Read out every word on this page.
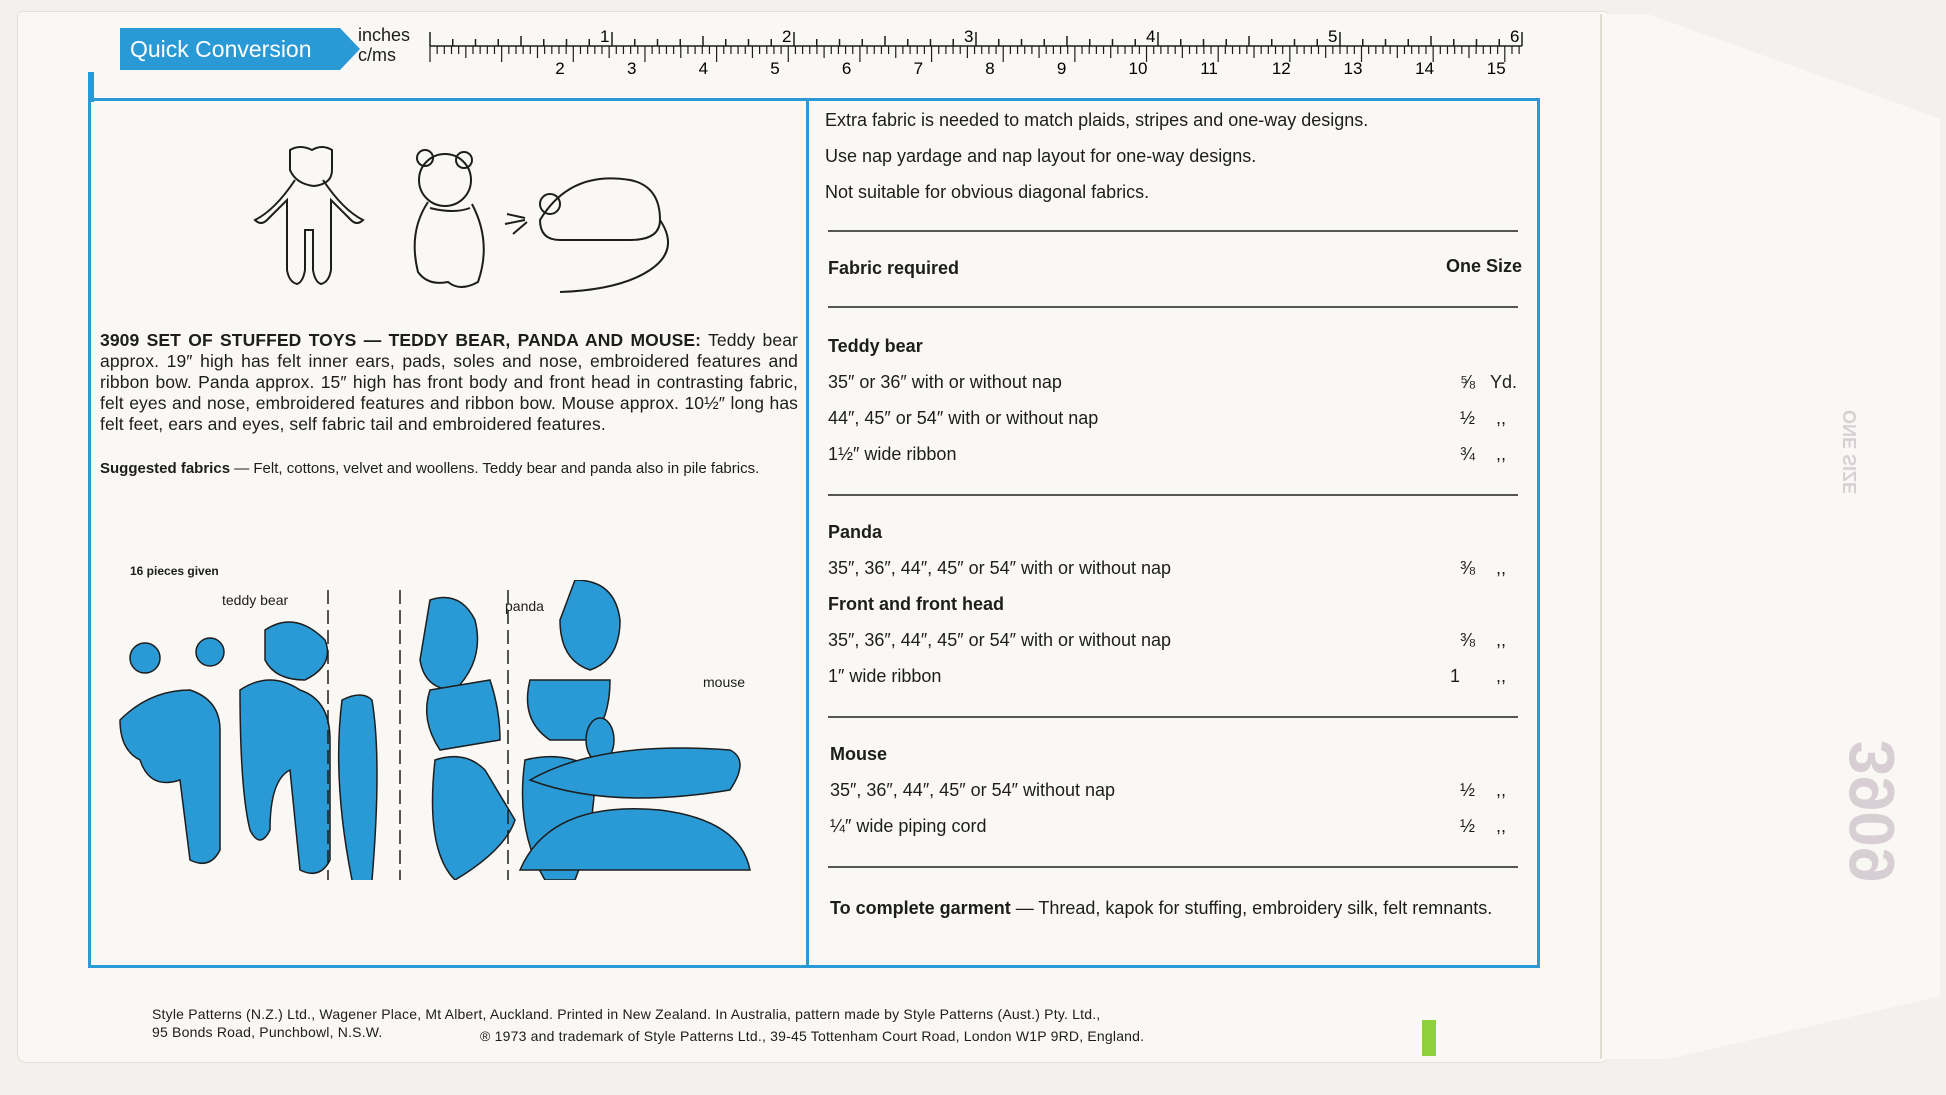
Quick Conversion
inches
c/ms
1	2	3	4	5	6
2	3	4	5	6	7	8	9	10	11	12	13	14	15
3909 SET OF STUFFED TOYS — TEDDY BEAR, PANDA AND MOUSE: Teddy bear approx. 19″ high has felt inner ears, pads, soles and nose, embroidered features and ribbon bow. Panda approx. 15″ high has front body and front head in contrasting fabric, felt eyes and nose, embroidered features and ribbon bow. Mouse approx. 10½″ long has felt feet, ears and eyes, self fabric tail and embroidered features.
Suggested fabrics — Felt, cottons, velvet and woollens. Teddy bear and panda also in pile fabrics.
16 pieces given
teddy bear	panda
mouse
Extra fabric is needed to match plaids, stripes and one-way designs.
Use nap yardage and nap layout for one-way designs.
Not suitable for obvious diagonal fabrics.
Fabric required	One Size
Teddy bear
35″ or 36″ with or without nap	⅝ Yd.
44″, 45″ or 54″ with or without nap	½ ,,
1½″ wide ribbon	¾ ,,
Panda
35″, 36″, 44″, 45″ or 54″ with or without nap	⅜ ,,
Front and front head
35″, 36″, 44″, 45″ or 54″ with or without nap	⅜ ,,
1″ wide ribbon	1 ,,
Mouse
35″, 36″, 44″, 45″ or 54″ without nap	½ ,,
¼″ wide piping cord	½ ,,
To complete garment — Thread, kapok for stuffing, embroidery silk, felt remnants.
Style Patterns (N.Z.) Ltd., Wagener Place, Mt Albert, Auckland. Printed in New Zealand. In Australia, pattern made by Style Patterns (Aust.) Pty. Ltd.,
95 Bonds Road, Punchbowl, N.S.W.	® 1973 and trademark of Style Patterns Ltd., 39-45 Tottenham Court Road, London W1P 9RD, England.
3909
ONE SIZE
